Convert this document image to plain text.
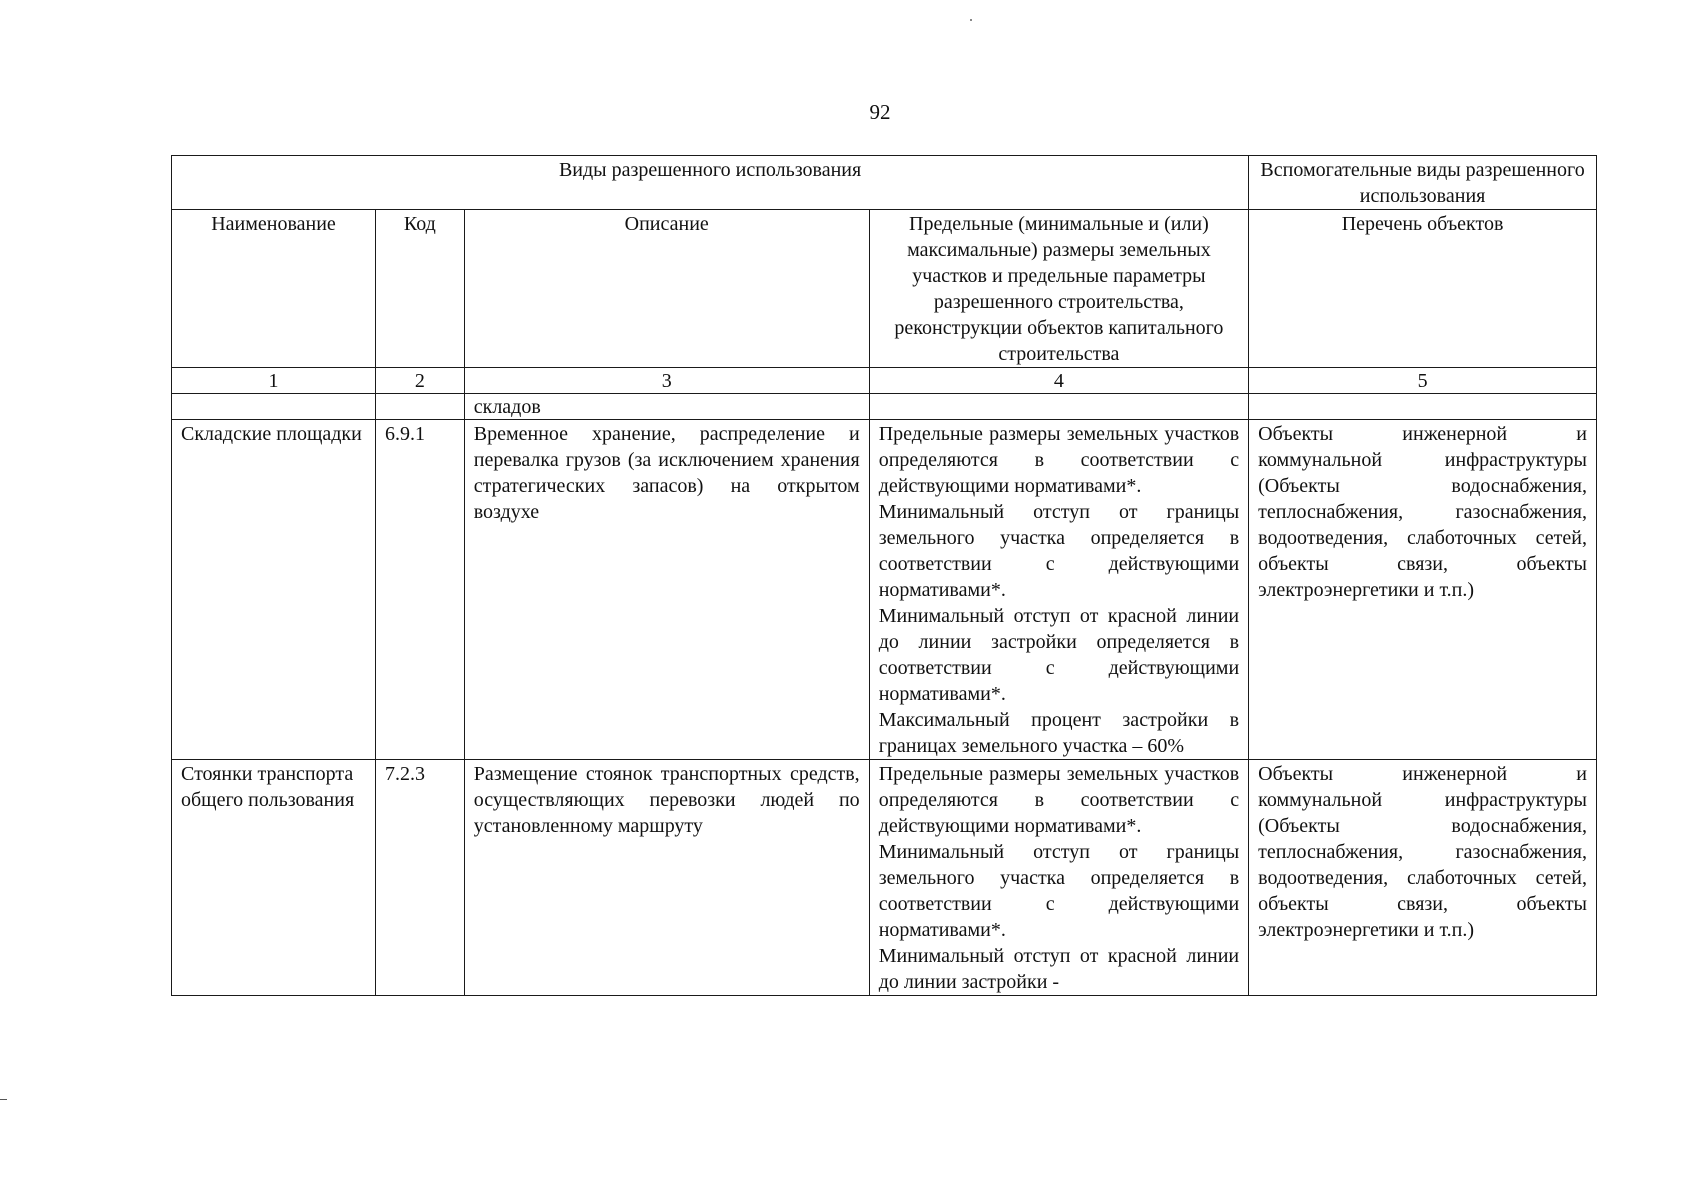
92
Виды разрешенного использования				Вспомогательные виды разрешенного использования
Наименование	Код	Описание	Предельные (минимальные и (или) максимальные) размеры земельных участков и предельные параметры разрешенного строительства, реконструкции объектов капитального строительства	Перечень объектов
1	2	3	4	5
		складов		
Складские площадки	6.9.1	Временное хранение, распределение и перевалка грузов (за исключением хранения стратегических запасов) на открытом воздухе	Предельные размеры земельных участков определяются в соответствии с действующими нормативами*.
Минимальный отступ от границы земельного участка определяется в соответствии с действующими нормативами*.
Минимальный отступ от красной линии до линии застройки определяется в соответствии с действующими нормативами*.
Максимальный процент застройки в границах земельного участка – 60%	Объекты инженерной и коммунальной инфраструктуры (Объекты водоснабжения, теплоснабжения, газоснабжения, водоотведения, слаботочных сетей, объекты связи, объекты электроэнергетики и т.п.)
Стоянки транспорта общего пользования	7.2.3	Размещение стоянок транспортных средств, осуществляющих перевозки людей по установленному маршруту	Предельные размеры земельных участков определяются в соответствии с действующими нормативами*.
Минимальный отступ от границы земельного участка определяется в соответствии с действующими нормативами*.
Минимальный отступ от красной линии до линии застройки -	Объекты инженерной и коммунальной инфраструктуры (Объекты водоснабжения, теплоснабжения, газоснабжения, водоотведения, слаботочных сетей, объекты связи, объекты электроэнергетики и т.п.)
